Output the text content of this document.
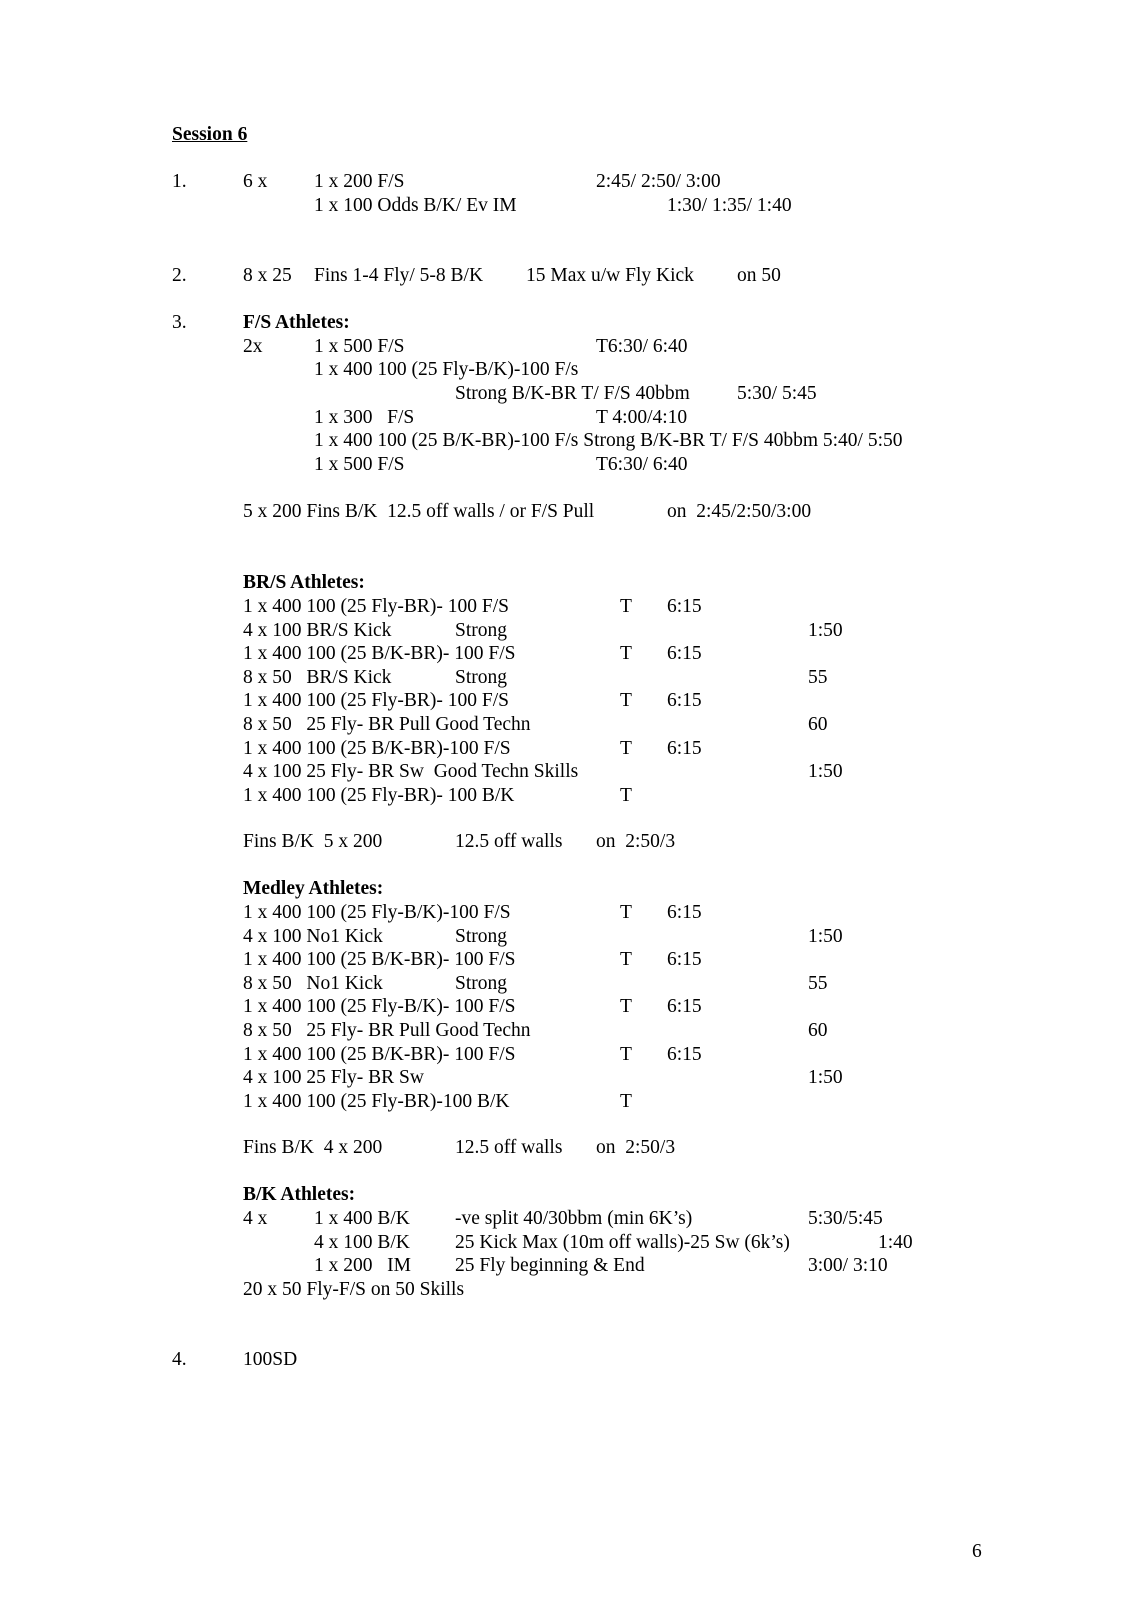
Session 6
1.	6 x 1 x 200 F/S	2:45/ 2:50/ 3:00
1 x 100 Odds B/K/ Ev IM	1:30/ 1:35/ 1:40
2.	8 x 25 Fins 1-4 Fly/ 5-8 B/K 15 Max u/w Fly Kick on 50
3.	F/S Athletes:
2x	1 x 500 F/S	T6:30/ 6:40
1 x 400 100 (25 Fly-B/K)-100 F/s
Strong B/K-BR T/ F/S 40bbm 5:30/ 5:45
1 x 300   F/S	T 4:00/4:10
1 x 400 100 (25 B/K-BR)-100 F/s Strong B/K-BR T/ F/S 40bbm 5:40/ 5:50
1 x 500 F/S	T6:30/ 6:40
5 x 200 Fins B/K  12.5 off walls / or F/S Pull	on  2:45/2:50/3:00
BR/S Athletes:
1 x 400 100 (25 Fly-BR)- 100 F/S	T 6:15
4 x 100 BR/S Kick	Strong	1:50
1 x 400 100 (25 B/K-BR)- 100 F/S	T 6:15
8 x 50   BR/S Kick	Strong	55
1 x 400 100 (25 Fly-BR)- 100 F/S	T 6:15
8 x 50   25 Fly- BR Pull Good Techn	60
1 x 400 100 (25 B/K-BR)-100 F/S	T 6:15
4 x 100 25 Fly- BR Sw  Good Techn Skills	1:50
1 x 400 100 (25 Fly-BR)- 100 B/K	T
Fins B/K  5 x 200	12.5 off walls on  2:50/3
Medley Athletes:
1 x 400 100 (25 Fly-B/K)-100 F/S	T 6:15
4 x 100 No1 Kick	Strong	1:50
1 x 400 100 (25 B/K-BR)- 100 F/S	T 6:15
8 x 50   No1 Kick	Strong	55
1 x 400 100 (25 Fly-B/K)- 100 F/S	T 6:15
8 x 50   25 Fly- BR Pull Good Techn	60
1 x 400 100 (25 B/K-BR)- 100 F/S	T 6:15
4 x 100 25 Fly- BR Sw	1:50
1 x 400 100 (25 Fly-BR)-100 B/K	T
Fins B/K  4 x 200	12.5 off walls on  2:50/3
B/K Athletes:
4 x 1 x 400 B/K -ve split 40/30bbm (min 6K’s)	5:30/5:45
4 x 100 B/K 25 Kick Max (10m off walls)-25 Sw (6k’s)	1:40
1 x 200   IM 25 Fly beginning & End	3:00/ 3:10
20 x 50 Fly-F/S on 50 Skills
4.	100SD
6
